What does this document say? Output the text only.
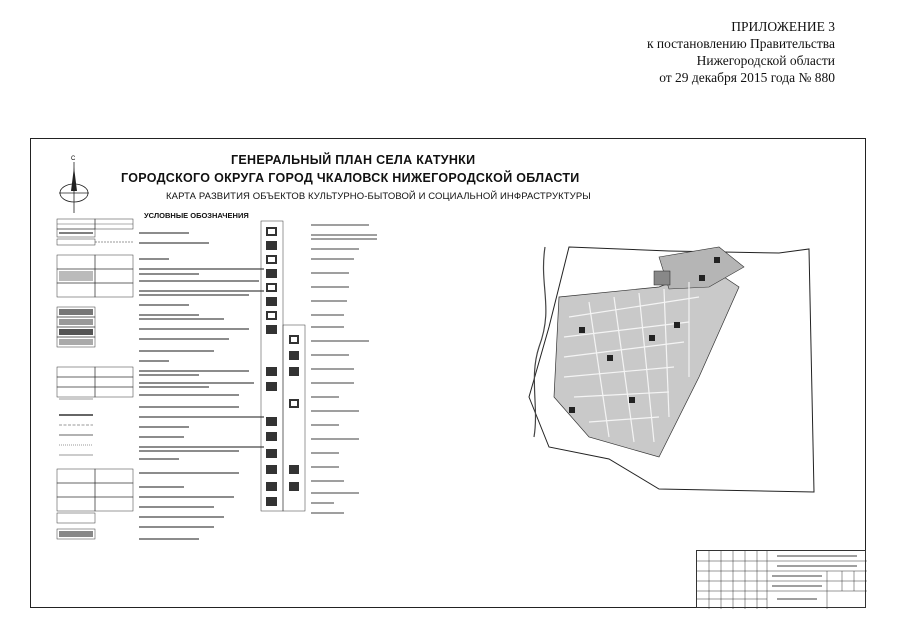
ПРИЛОЖЕНИЕ 3
к постановлению Правительства
Нижегородской области
от 29 декабря 2015 года № 880
С	ГЕНЕРАЛЬНЫЙ ПЛАН СЕЛА КАТУНКИ
ГОРОДСКОГО ОКРУГА ГОРОД ЧКАЛОВСК НИЖЕГОРОДСКОЙ ОБЛАСТИ
КАРТА РАЗВИТИЯ ОБЪЕКТОВ КУЛЬТУРНО-БЫТОВОЙ И СОЦИАЛЬНОЙ ИНФРАСТРУКТУРЫ
УСЛОВНЫЕ ОБОЗНАЧЕНИЯ
